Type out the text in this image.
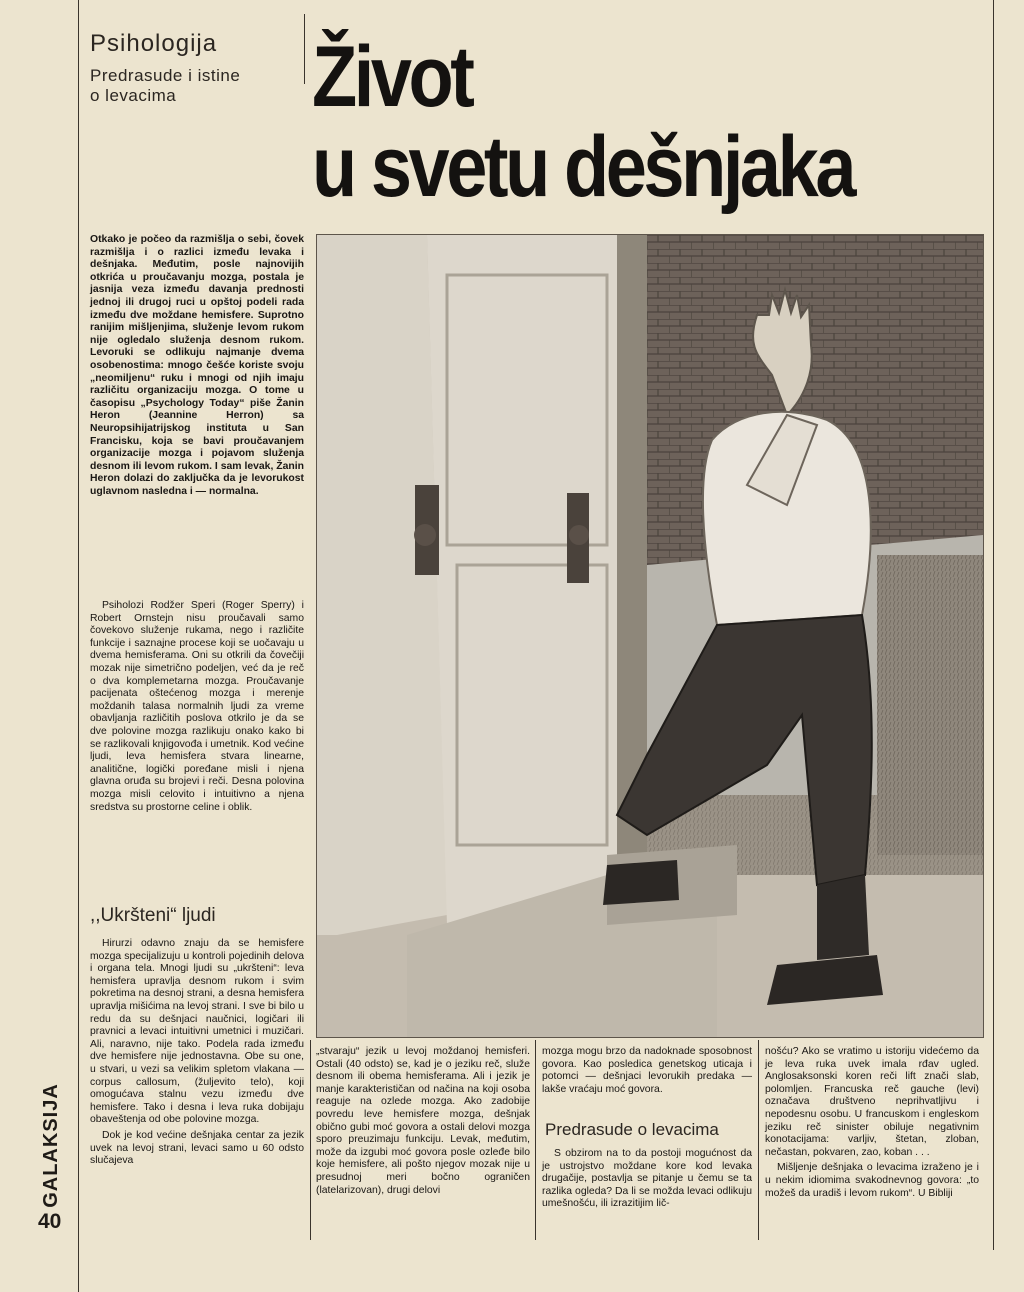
Psihologija
Predrasude i istine
o levacima	Život
u svetu dešnjaka
Otkako je počeo da razmišlja o sebi, čovek razmišlja i o razlici između levaka i dešnjaka. Međutim, posle najnovijih otkrića u proučavanju mozga, postala je jasnija veza između davanja prednosti jednoj ili drugoj ruci u opštoj podeli rada između dve moždane hemisfere. Suprotno ranijim mišljenjima, služenje levom rukom nije ogledalo služenja desnom rukom. Levoruki se odlikuju najmanje dvema osobenostima: mnogo češće koriste svoju „neomiljenu“ ruku i mnogi od njih imaju različitu organizaciju mozga. O tome u časopisu „Psychology Today“ piše Žanin Heron (Jeannine Herron) sa Neuropsihijatrijskog instituta u San Francisku, koja se bavi proučavanjem organizacije mozga i pojavom služenja desnom ili levom rukom. I sam levak, Žanin Heron dolazi do zaključka da je levorukost uglavnom nasledna i — normalna.

Psiholozi Rodžer Speri (Roger Sperry) i Robert Ornstejn nisu proučavali samo čovekovo služenje rukama, nego i različite funkcije i saznajne procese koji se uočavaju u dvema hemisferama. Oni su otkrili da čovečiji mozak nije simetrično podeljen, već da je reč o dva komplemetarna mozga. Proučavanje pacijenata oštećenog mozga i merenje moždanih talasa normalnih ljudi za vreme obavljanja različitih poslova otkrilo je da se dve polovine mozga razlikuju onako kako bi se razlikovali knjigovođa i umetnik. Kod većine ljudi, leva hemisfera stvara linearne, analitične, logički poređane misli i njena glavna oruđa su brojevi i reči. Desna polovina mozga misli celovito i intuitivno a njena sredstva su prostorne celine i oblik.

,,Ukršteni“ ljudi

Hirurzi odavno znaju da se hemisfere mozga specijalizuju u kontroli pojedinih delova i organa tela. Mnogi ljudi su „ukršteni“: leva hemisfera upravlja desnom rukom i svim pokretima na desnoj strani, a desna hemisfera upravlja mišićima na levoj strani. I sve bi bilo u redu da su dešnjaci naučnici, logičari ili pravnici a levaci intuitivni umetnici i muzičari. Ali, naravno, nije tako. Podela rada između dve hemisfere nije jednostavna. Obe su one, u stvari, u vezi sa velikim spletom vlakana — corpus callosum, (žuljevito telo), koji omogućava stalnu vezu između dve hemisfere. Tako i desna i leva ruka dobijaju obaveštenja od obe polovine mozga.

Dok je kod većine dešnjaka centar za jezik uvek na levoj strani, levaci samo u 60 odsto slučajeva

„stvaraju“ jezik u levoj moždanoj hemisferi. Ostali (40 odsto) se, kad je o jeziku reč, služe desnom ili obema hemisferama. Ali i jezik je manje karakterističan od načina na koji osoba reaguje na ozlede mozga. Ako zadobije povredu leve hemisfere mozga, dešnjak obično gubi moć govora a ostali delovi mozga sporo preuzimaju funkciju. Levak, međutim, može da izgubi moć govora posle ozleđe bilo koje hemisfere, ali pošto njegov mozak nije u presudnoj meri bočno ograničen (latelarizovan), drugi delovi

mozga mogu brzo da nadoknade sposobnost govora. Kao posledica genetskog uticaja i potomci — dešnjaci levorukih predaka — lakše vraćaju moć govora.

Predrasude o levacima

S obzirom na to da postoji mogućnost da je ustrojstvo moždane kore kod levaka drugačije, postavlja se pitanje u čemu se ta razlika ogleda? Da li se možda levaci odlikuju umešnošću, ili izrazitijim lič-

nošću? Ako se vratimo u istoriju videćemo da je leva ruka uvek imala rđav ugled. Anglosaksonski koren reči lift znači slab, polomljen. Francuska reč gauche (levi) označava društveno neprihvatljivu i nepodesnu osobu. U francuskom i engleskom jeziku reč sinister obiluje negativnim konotacijama: varljiv, štetan, zloban, nečastan, pokvaren, zao, koban . . .

Mišljenje dešnjaka o levacima izraženo je i u nekim idiomima svakodnevnog govora: „to možeš da uradiš i levom rukom“. U Bibliji

GALAKSIJA
40
